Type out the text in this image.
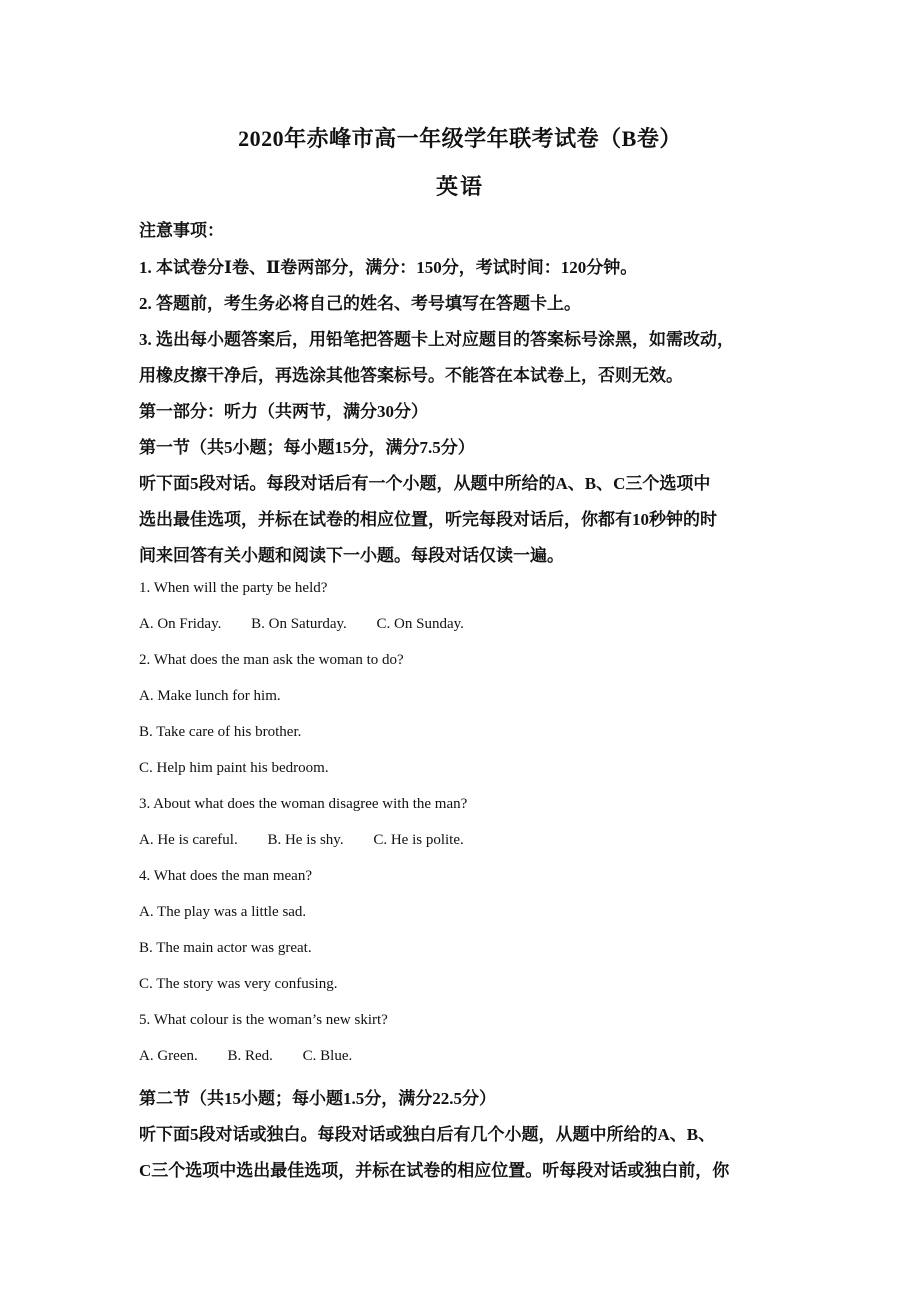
2020年赤峰市高一年级学年联考试卷（B卷）
英语
注意事项：
1. 本试卷分Ⅰ卷、Ⅱ卷两部分，满分：150分，考试时间：120分钟。
2. 答题前，考生务必将自己的姓名、考号填写在答题卡上。
3. 选出每小题答案后，用铅笔把答题卡上对应题目的答案标号涂黑，如需改动，
用橡皮擦干净后，再选涂其他答案标号。不能答在本试卷上，否则无效。
第一部分：听力（共两节，满分30分）
第一节（共5小题；每小题15分，满分7.5分）
听下面5段对话。每段对话后有一个小题，从题中所给的A、B、C三个选项中
选出最佳选项，并标在试卷的相应位置，听完每段对话后，你都有10秒钟的时
间来回答有关小题和阅读下一小题。每段对话仅读一遍。
1. When will the party be held?
A. On Friday. B. On Saturday. C. On Sunday.
2. What does the man ask the woman to do?
A. Make lunch for him.
B. Take care of his brother.
C. Help him paint his bedroom.
3. About what does the woman disagree with the man?
A. He is careful. B. He is shy. C. He is polite.
4. What does the man mean?
A. The play was a little sad.
B. The main actor was great.
C. The story was very confusing.
5. What colour is the woman’s new skirt?
A. Green. B. Red. C. Blue.
第二节（共15小题；每小题1.5分，满分22.5分）
听下面5段对话或独白。每段对话或独白后有几个小题，从题中所给的A、B、
C三个选项中选出最佳选项，并标在试卷的相应位置。听每段对话或独白前，你
